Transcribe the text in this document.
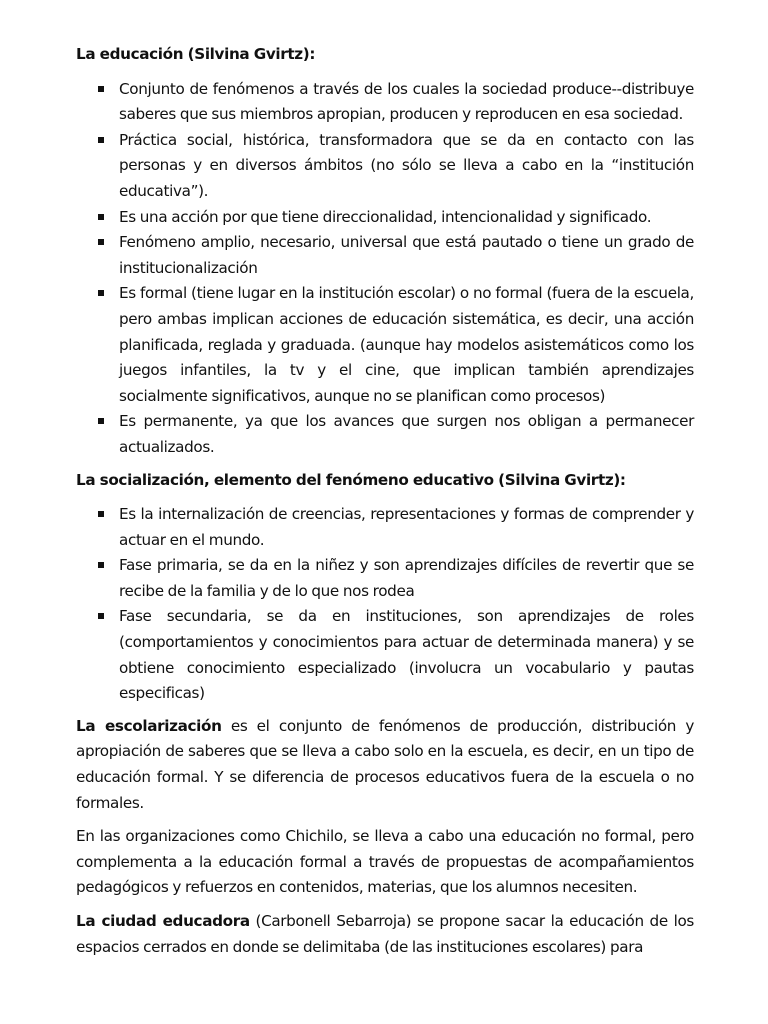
La educación (Silvina Gvirtz):
Conjunto de fenómenos a través de los cuales la sociedad produce--distribuye saberes que sus miembros apropian, producen y reproducen en esa sociedad.
Práctica social, histórica, transformadora que se da en contacto con las personas y en diversos ámbitos (no sólo se lleva a cabo en la “institución educativa”).
Es una acción por que tiene direccionalidad, intencionalidad y significado.
Fenómeno amplio, necesario, universal que está pautado o tiene un grado de institucionalización
Es formal (tiene lugar en la institución escolar) o no formal (fuera de la escuela, pero ambas implican acciones de educación sistemática, es decir, una acción planificada, reglada y graduada. (aunque hay modelos asistemáticos como los juegos infantiles, la tv y el cine, que implican también aprendizajes socialmente significativos, aunque no se planifican como procesos)
Es permanente, ya que los avances que surgen nos obligan a permanecer actualizados.
La socialización, elemento del fenómeno educativo (Silvina Gvirtz):
Es la internalización de creencias, representaciones y formas de comprender y actuar en el mundo.
Fase primaria, se da en la niñez y son aprendizajes difíciles de revertir que se recibe de la familia y de lo que nos rodea
Fase secundaria, se da en instituciones, son aprendizajes de roles (comportamientos y conocimientos para actuar de determinada manera) y se obtiene conocimiento especializado (involucra un vocabulario y pautas especificas)

La escolarización es el conjunto de fenómenos de producción, distribución y apropiación de saberes que se lleva a cabo solo en la escuela, es decir, en un tipo de educación formal. Y se diferencia de procesos educativos fuera de la escuela o no formales.

En las organizaciones como Chichilo, se lleva a cabo una educación no formal, pero complementa a la educación formal a través de propuestas de acompañamientos pedagógicos y refuerzos en contenidos, materias, que los alumnos necesiten.

La ciudad educadora (Carbonell Sebarroja) se propone sacar la educación de los espacios cerrados en donde se delimitaba (de las instituciones escolares) para
